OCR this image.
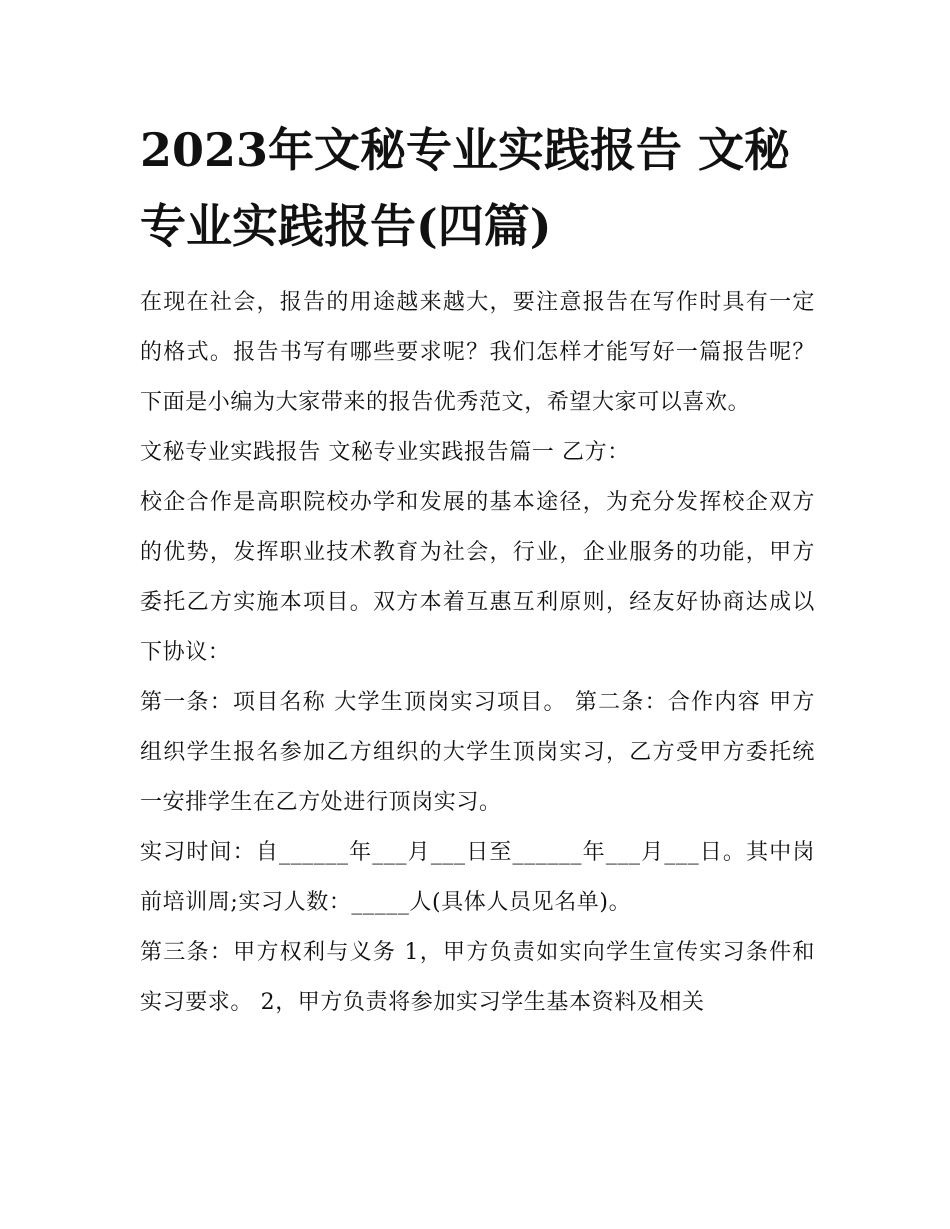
2023年文秘专业实践报告 文秘专业实践报告(四篇)

在现在社会，报告的用途越来越大，要注意报告在写作时具有一定的格式。报告书写有哪些要求呢？我们怎样才能写好一篇报告呢？下面是小编为大家带来的报告优秀范文，希望大家可以喜欢。

文秘专业实践报告 文秘专业实践报告篇一 乙方：

校企合作是高职院校办学和发展的基本途径，为充分发挥校企双方的优势，发挥职业技术教育为社会，行业，企业服务的功能，甲方委托乙方实施本项目。双方本着互惠互利原则，经友好协商达成以下协议：

第一条：项目名称 大学生顶岗实习项目。 第二条：合作内容 甲方组织学生报名参加乙方组织的大学生顶岗实习，乙方受甲方委托统一安排学生在乙方处进行顶岗实习。

实习时间：自______年___月___日至______年___月___日。其中岗前培训周;实习人数：_____人(具体人员见名单)。

第三条：甲方权利与义务 1，甲方负责如实向学生宣传实习条件和实习要求。 2，甲方负责将参加实习学生基本资料及相关
